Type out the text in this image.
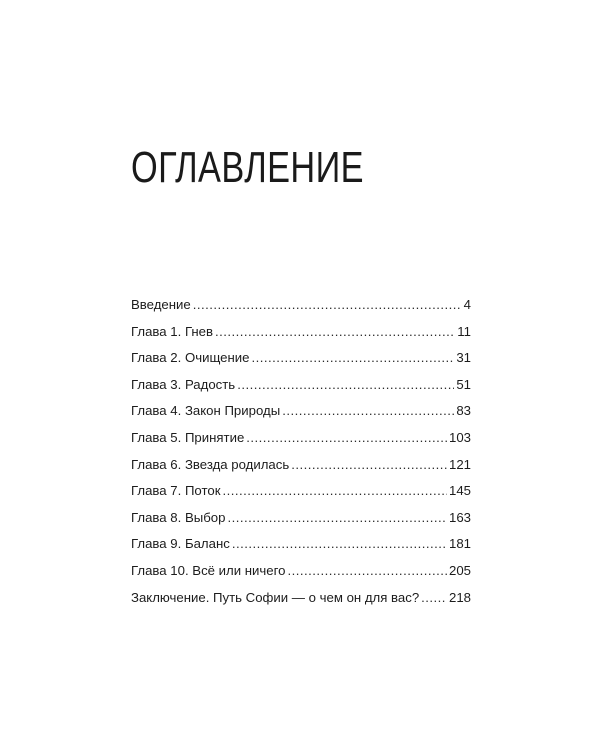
ОГЛАВЛЕНИЕ
Введение . . .	4
Глава 1. Гнев . . .	11
Глава 2. Очищение . . .	31
Глава 3. Радость . . .	51
Глава 4. Закон Природы . . .	83
Глава 5. Принятие . . .	103
Глава 6. Звезда родилась . . .	121
Глава 7. Поток . . .	145
Глава 8. Выбор . . .	163
Глава 9. Баланс . . .	181
Глава 10. Всё или ничего . . .	205
Заключение. Путь Софии — о чем он для вас? . . . 218
